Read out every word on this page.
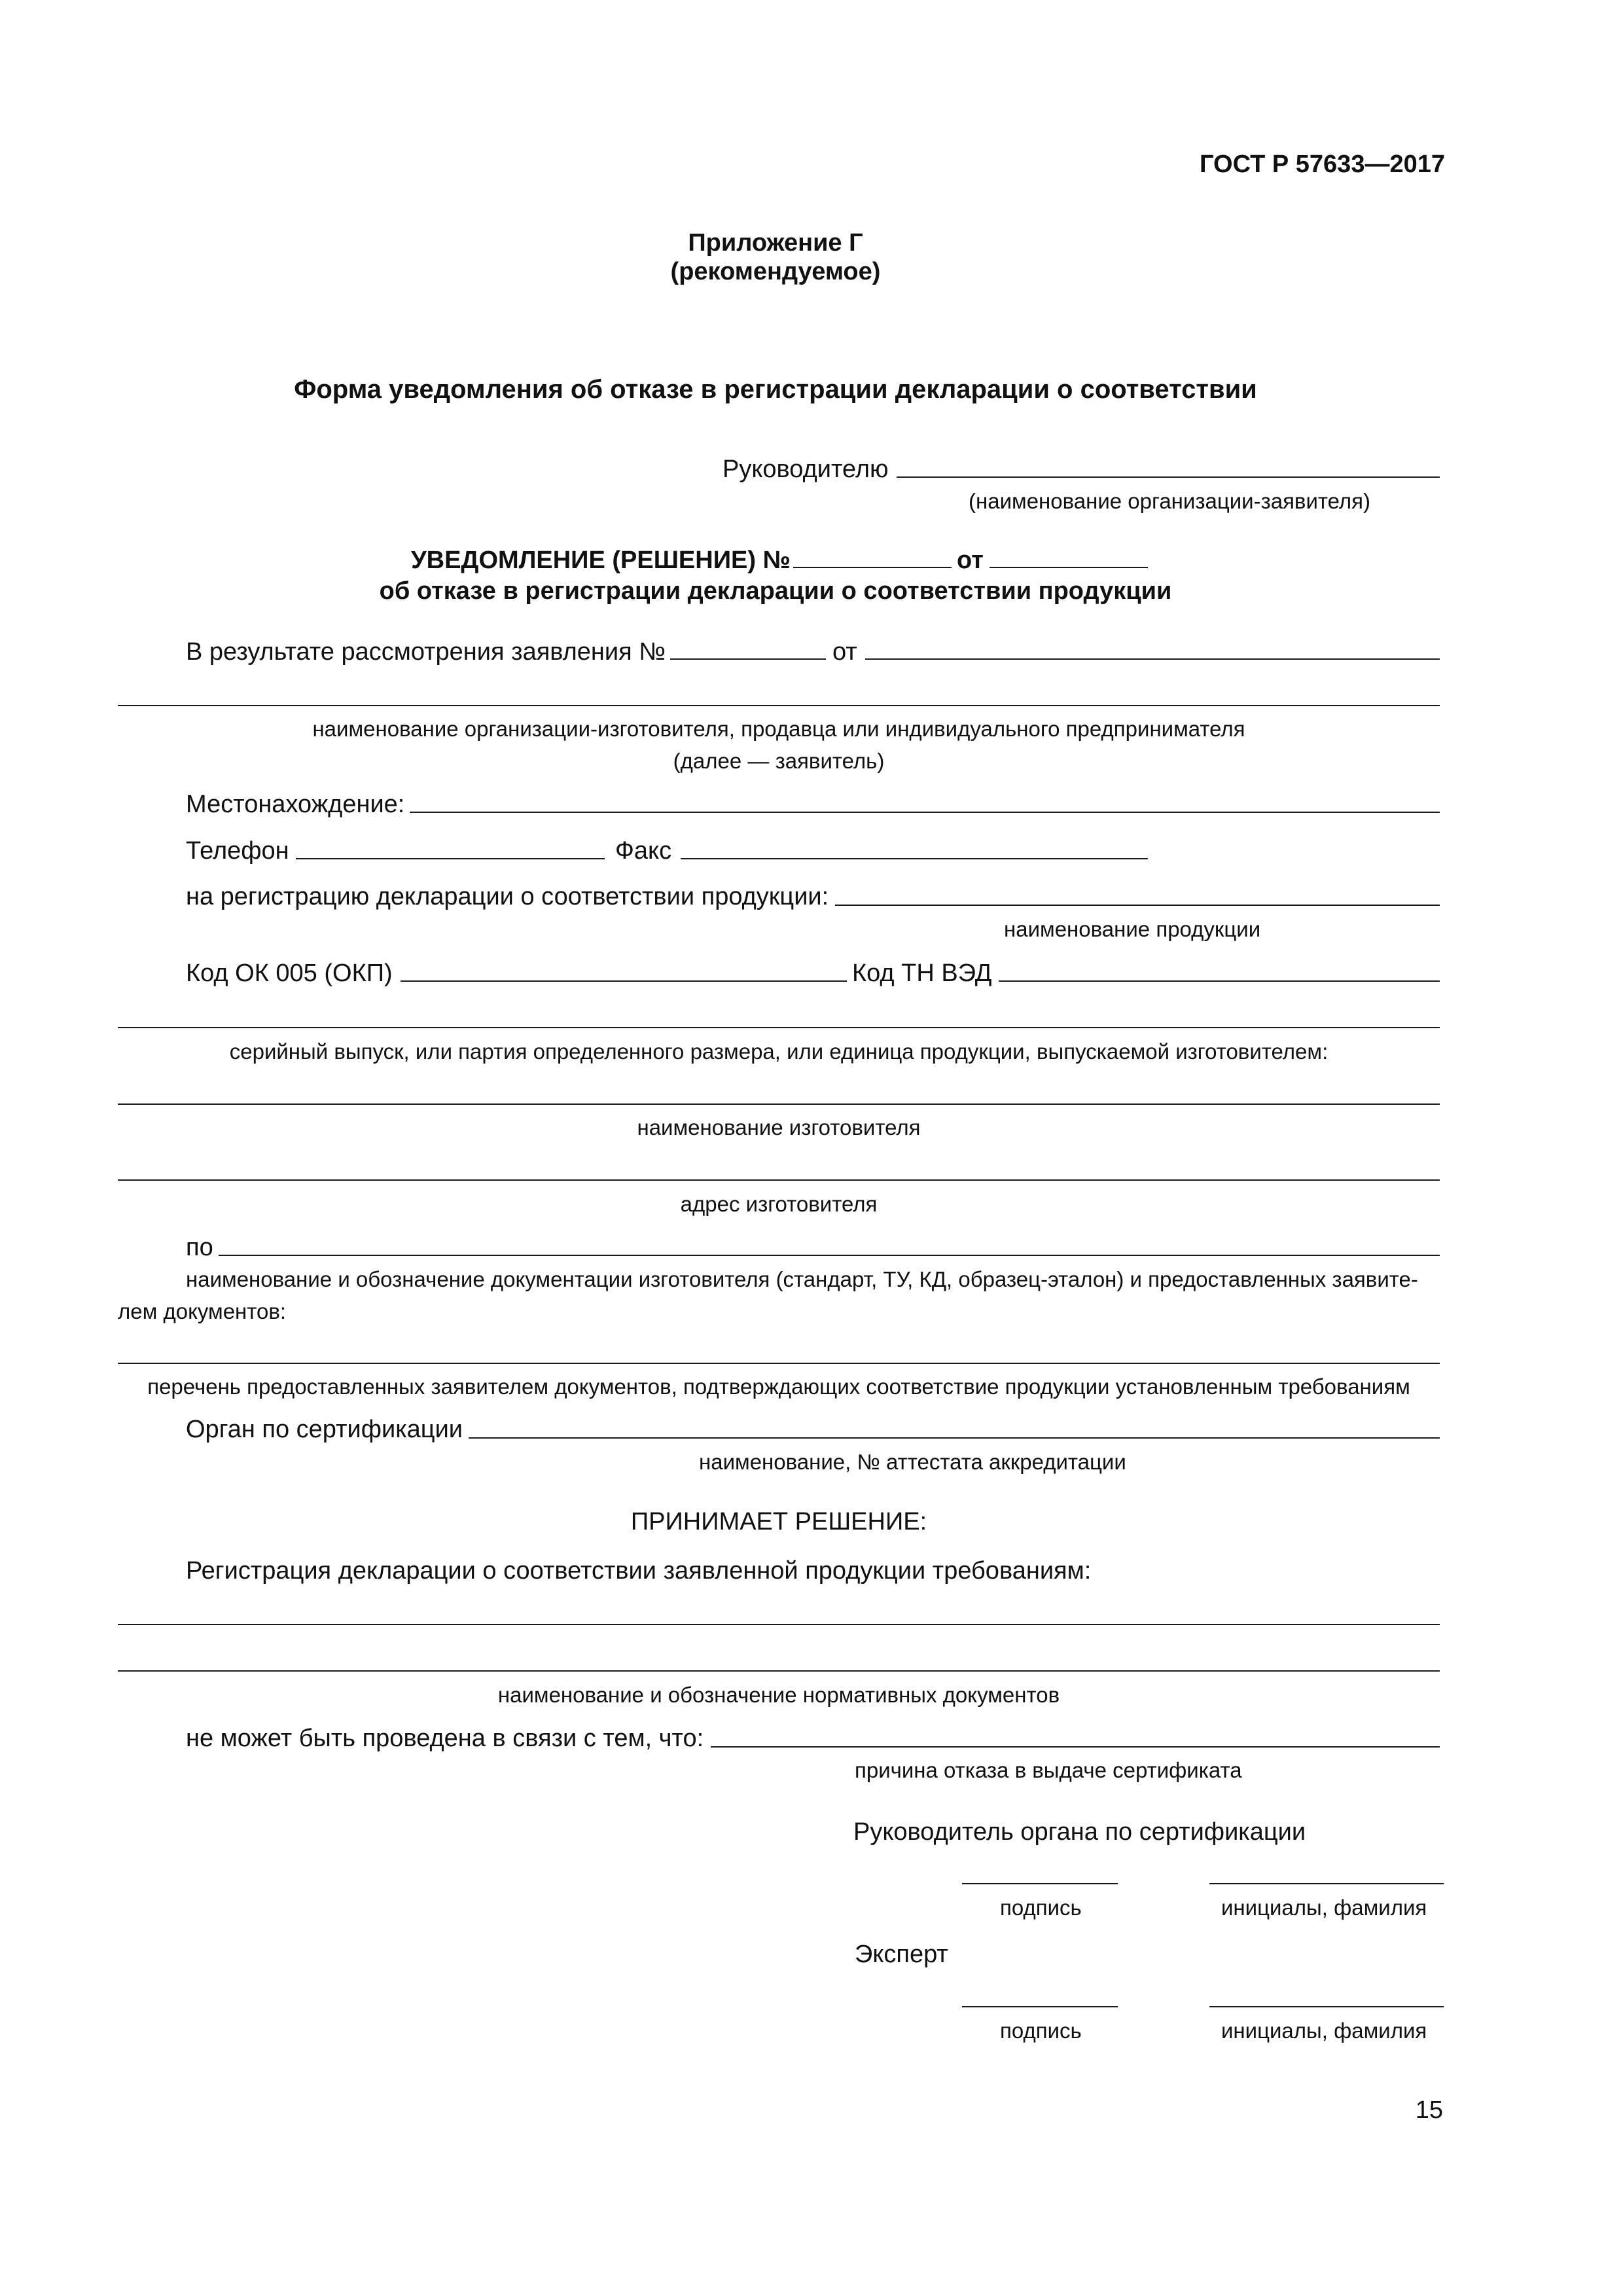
ГОСТ Р 57633—2017
Приложение Г
(рекомендуемое)
Форма уведомления об отказе в регистрации декларации о соответствии
Руководителю
(наименование организации-заявителя)
УВЕДОМЛЕНИЕ (РЕШЕНИЕ) №	от
об отказе в регистрации декларации о соответствии продукции
В результате рассмотрения заявления №	от
наименование организации-изготовителя, продавца или индивидуального предпринимателя
(далее — заявитель)
Местонахождение:
Телефон	Факс
на регистрацию декларации о соответствии продукции:
наименование продукции
Код ОК 005 (ОКП)	Код ТН ВЭД
серийный выпуск, или партия определенного размера, или единица продукции, выпускаемой изготовителем:
наименование изготовителя
адрес изготовителя
по
наименование и обозначение документации изготовителя (стандарт, ТУ, КД, образец-эталон) и предоставленных заявите-
лем документов:
перечень предоставленных заявителем документов, подтверждающих соответствие продукции установленным требованиям
Орган по сертификации
наименование, № аттестата аккредитации
ПРИНИМАЕТ РЕШЕНИЕ:
Регистрация декларации о соответствии заявленной продукции требованиям:
наименование и обозначение нормативных документов
не может быть проведена в связи с тем, что:
причина отказа в выдаче сертификата
Руководитель органа по сертификации
подпись	инициалы, фамилия
Эксперт
подпись	инициалы, фамилия
15
